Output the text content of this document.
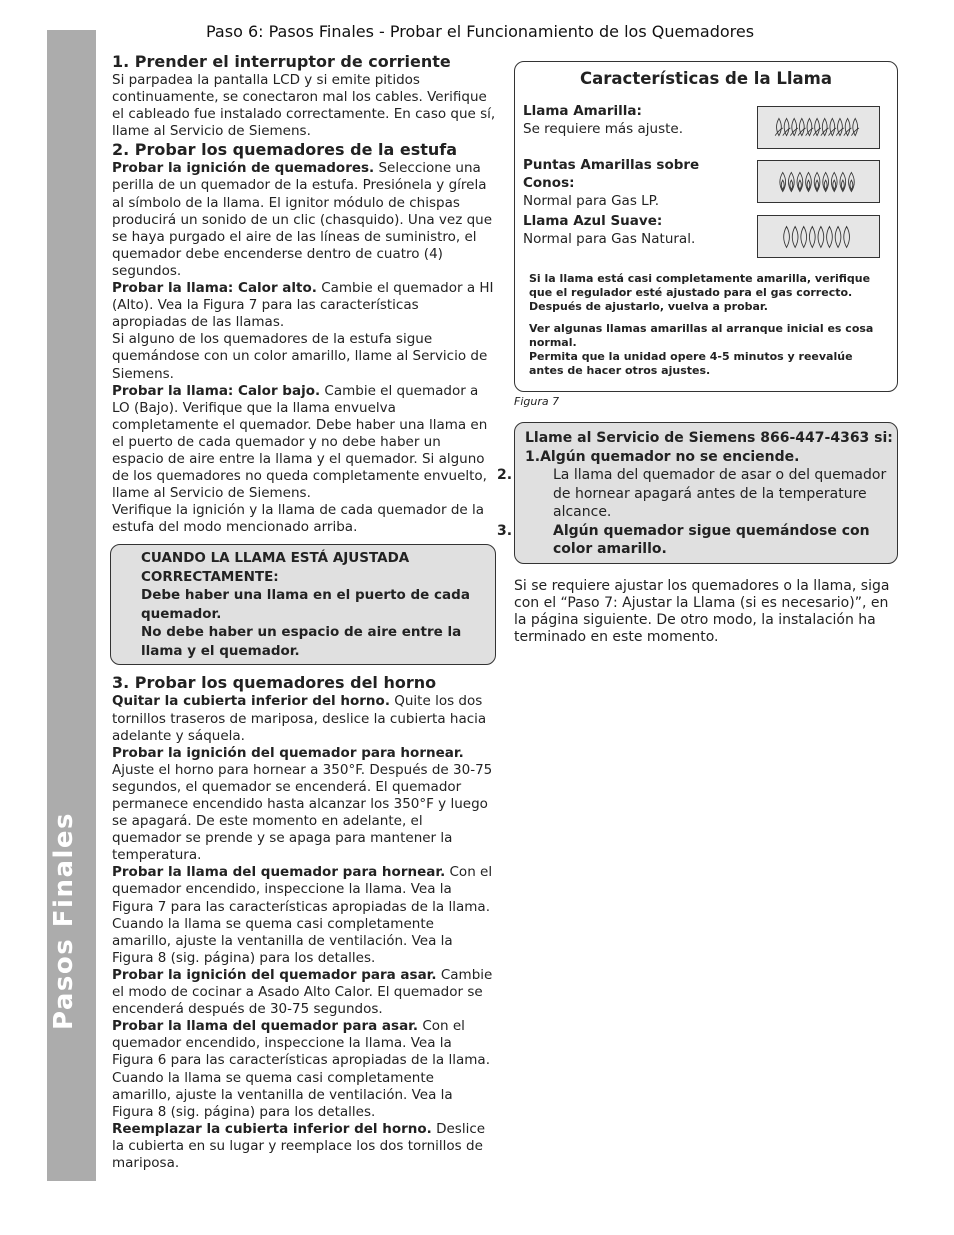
Pasos Finales
Paso 6: Pasos Finales - Probar el Funcionamiento de los Quemadores
1. Prender el interruptor de corriente

Si parpadea la pantalla LCD y si emite pitidos continuamente, se conectaron mal los cables. Verifique el cableado fue instalado correctamente. En caso que sí, llame al Servicio de Siemens.

2. Probar los quemadores de la estufa

Probar la ignición de quemadores. Seleccione una perilla de un quemador de la estufa. Presiónela y gírela al símbolo de la llama. El ignitor módulo de chispas producirá un sonido de un clic (chasquido). Una vez que se haya purgado el aire de las líneas de suministro, el quemador debe encenderse dentro de cuatro (4) segundos.

Probar la llama: Calor alto. Cambie el quemador a HI (Alto). Vea la Figura 7 para las características apropiadas de las llamas.

Si alguno de los quemadores de la estufa sigue quemándose con un color amarillo, llame al Servicio de Siemens.

Probar la llama: Calor bajo. Cambie el quemador a LO (Bajo). Verifique que la llama envuelva completamente el quemador. Debe haber una llama en el puerto de cada quemador y no debe haber un espacio de aire entre la llama y el quemador. Si alguno de los quemadores no queda completamente envuelto, llame al Servicio de Siemens.

Verifique la ignición y la llama de cada quemador de la estufa del modo mencionado arriba.

CUANDO LA LLAMA ESTÁ AJUSTADA CORRECTAMENTE:
Debe haber una llama en el puerto de cada quemador.
No debe haber un espacio de aire entre la llama y el quemador.
3. Probar los quemadores del horno

Quitar la cubierta inferior del horno. Quite los dos tornillos traseros de mariposa, deslice la cubierta hacia adelante y sáquela.

Probar la ignición del quemador para hornear. Ajuste el horno para hornear a 350°F. Después de 30-75 segundos, el quemador se encenderá. El quemador permanece encendido hasta alcanzar los 350°F y luego se apagará. De este momento en adelante, el quemador se prende y se apaga para mantener la temperatura.

Probar la llama del quemador para hornear. Con el quemador encendido, inspeccione la llama. Vea la Figura 7 para las características apropiadas de la llama. Cuando la llama se quema casi completamente amarillo, ajuste la ventanilla de ventilación. Vea la Figura 8 (sig. página) para los detalles.

Probar la ignición del quemador para asar. Cambie el modo de cocinar a Asado Alto Calor. El quemador se encenderá después de 30-75 segundos.

Probar la llama del quemador para asar. Con el quemador encendido, inspeccione la llama. Vea la Figura 6 para las características apropiadas de la llama. Cuando la llama se quema casi completamente amarillo, ajuste la ventanilla de ventilación. Vea la Figura 8 (sig. página) para los detalles.

Reemplazar la cubierta inferior del horno. Deslice la cubierta en su lugar y reemplace los dos tornillos de mariposa.

Características de la Llama
Llama Amarilla:
Se requiere más ajuste.
Puntas Amarillas sobre Conos:
Normal para Gas LP.
Llama Azul Suave:
Normal para Gas Natural.

Si la llama está casi completamente amarilla, verifique que el regulador esté ajustado para el gas correcto. Después de ajustarlo, vuelva a probar.

Ver algunas llamas amarillas al arranque inicial es cosa normal.

Permita que la unidad opere 4-5 minutos y reevalúe antes de hacer otros ajustes.

Figura 7
Llame al Servicio de Siemens 866-447-4363 si:
1.Algún quemador no se enciende.
2.	La llama del quemador de asar o del quemador de hornear apagará antes de la temperature alcance.
3.	Algún quemador sigue quemándose con color amarillo.
Si se requiere ajustar los quemadores o la llama, siga con el “Paso 7: Ajustar la Llama (si es necesario)”, en la página siguiente. De otro modo, la instalación ha terminado en este momento.
